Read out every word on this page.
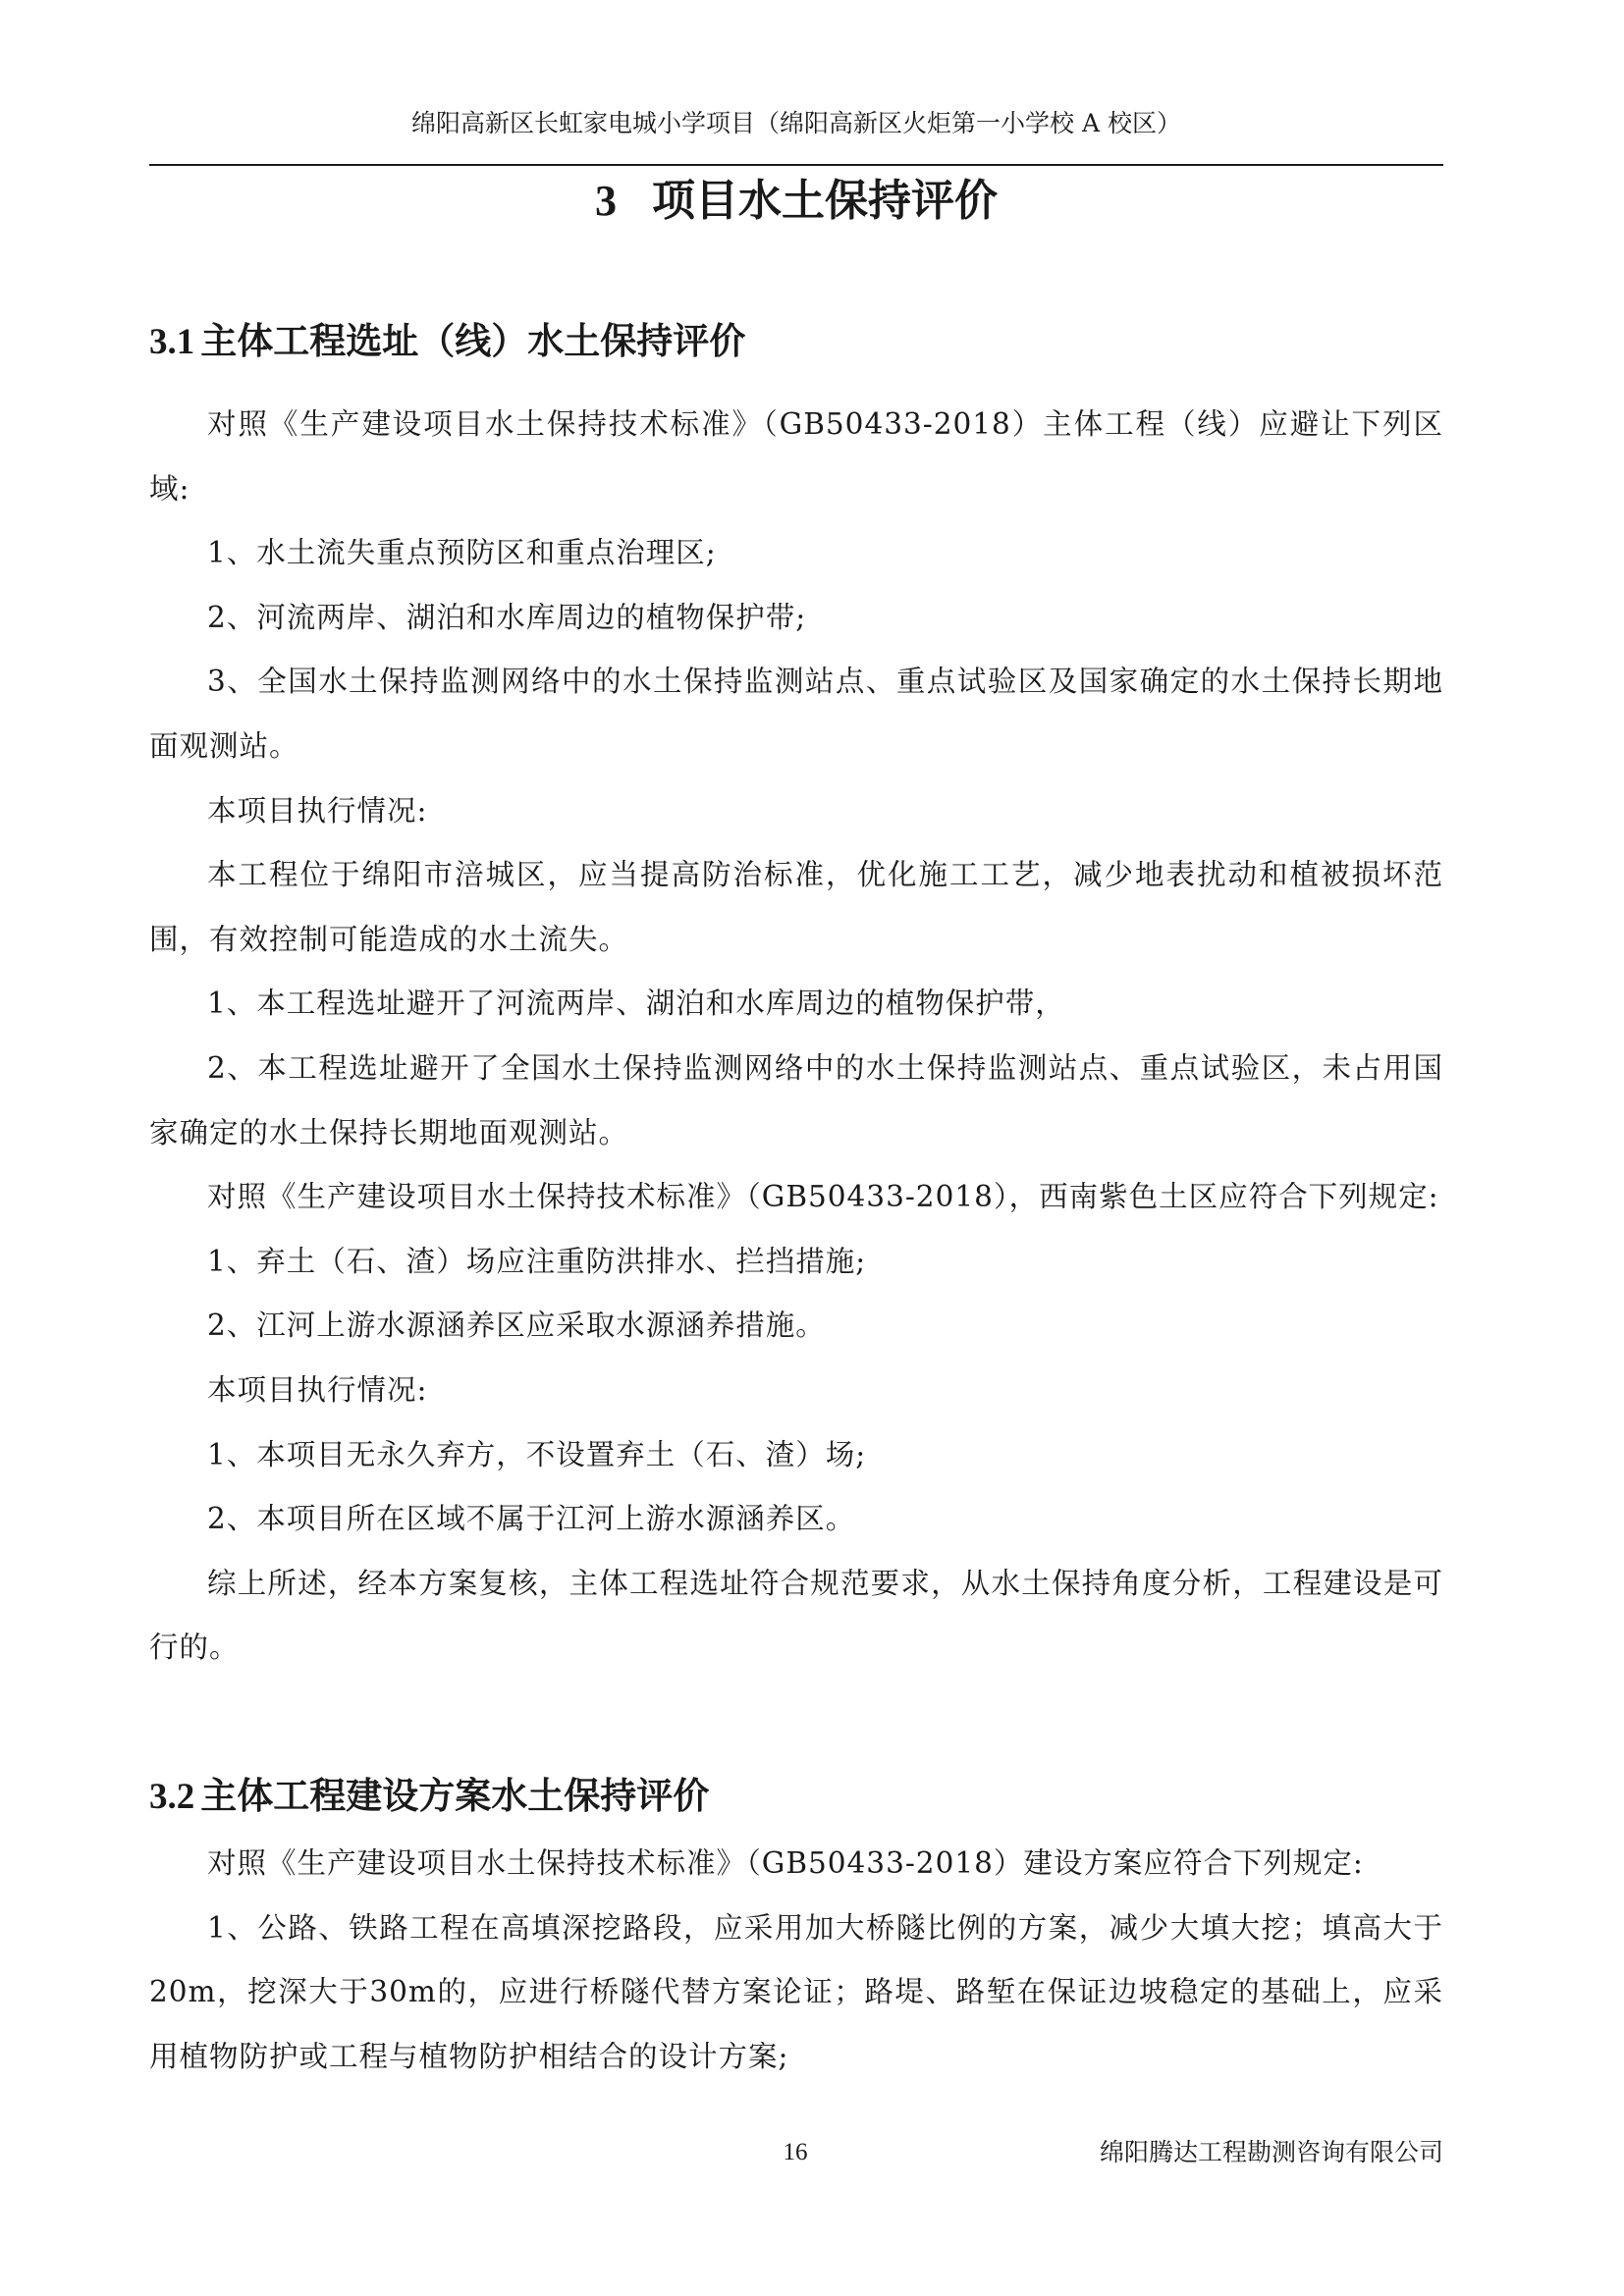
绵阳高新区长虹家电城小学项目（绵阳高新区火炬第一小学校 A 校区）
3 项目水土保持评价
3.1 主体工程选址（线）水土保持评价

对照《生产建设项目水土保持技术标准》（GB50433-2018）主体工程（线）应避让下列区域:

1、水土流失重点预防区和重点治理区;

2、河流两岸、湖泊和水库周边的植物保护带;

3、全国水土保持监测网络中的水土保持监测站点、重点试验区及国家确定的水土保持长期地面观测站。

本项目执行情况:

本工程位于绵阳市涪城区，应当提高防治标准，优化施工工艺，减少地表扰动和植被损坏范围，有效控制可能造成的水土流失。

1、本工程选址避开了河流两岸、湖泊和水库周边的植物保护带，

2、本工程选址避开了全国水土保持监测网络中的水土保持监测站点、重点试验区，未占用国家确定的水土保持长期地面观测站。

对照《生产建设项目水土保持技术标准》（GB50433-2018），西南紫色土区应符合下列规定:

1、弃土（石、渣）场应注重防洪排水、拦挡措施;

2、江河上游水源涵养区应采取水源涵养措施。

本项目执行情况:

1、本项目无永久弃方，不设置弃土（石、渣）场;

2、本项目所在区域不属于江河上游水源涵养区。

综上所述，经本方案复核，主体工程选址符合规范要求，从水土保持角度分析，工程建设是可行的。

3.2 主体工程建设方案水土保持评价

对照《生产建设项目水土保持技术标准》（GB50433-2018）建设方案应符合下列规定:

1、公路、铁路工程在高填深挖路段，应采用加大桥隧比例的方案，减少大填大挖；填高大于20m，挖深大于30m的，应进行桥隧代替方案论证；路堤、路堑在保证边坡稳定的基础上，应采用植物防护或工程与植物防护相结合的设计方案;

16	绵阳腾达工程勘测咨询有限公司
